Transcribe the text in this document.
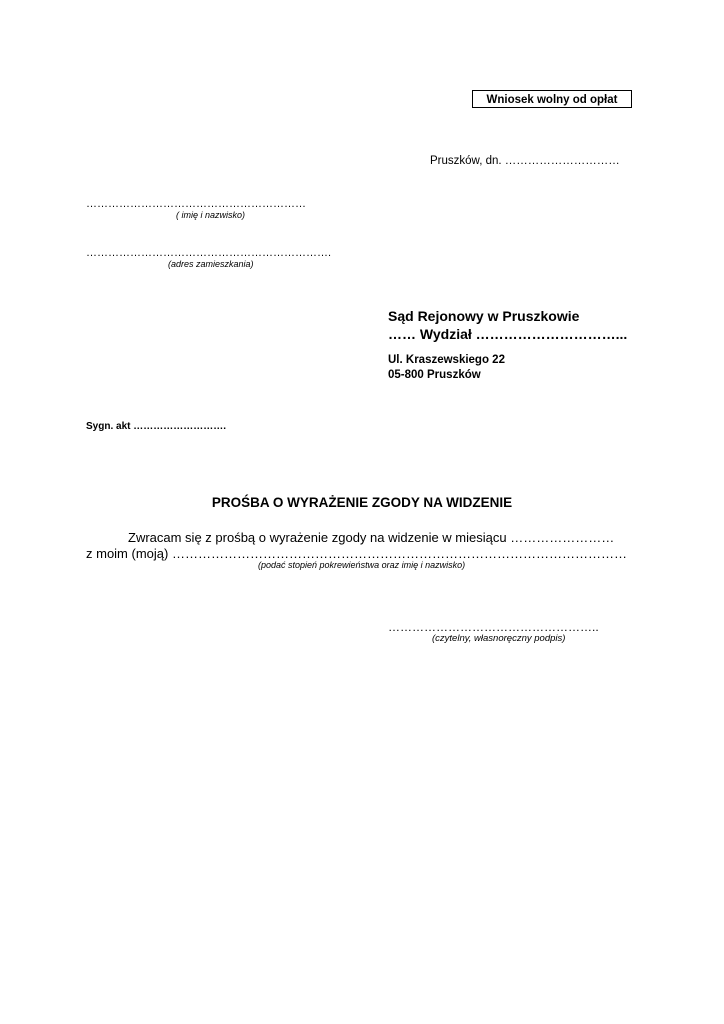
Wniosek wolny od opłat
Pruszków, dn. …………………………
……………………………………………………
( imię i nazwisko)
………………………………………………………….
(adres zamieszkania)
Sąd Rejonowy w Pruszkowie
…… Wydział …………………………...
Ul. Kraszewskiego 22
05-800 Pruszków
Sygn. akt ……………………….
PROŚBA O WYRAŻENIE ZGODY NA WIDZENIE
Zwracam się z prośbą o wyrażenie zgody na widzenie w miesiącu ……………………
z moim (moją) ……………………………………………………………………………………………
(podać stopień pokrewieństwa oraz imię i nazwisko)
……………………………………………..
(czytelny, własnoręczny podpis)
